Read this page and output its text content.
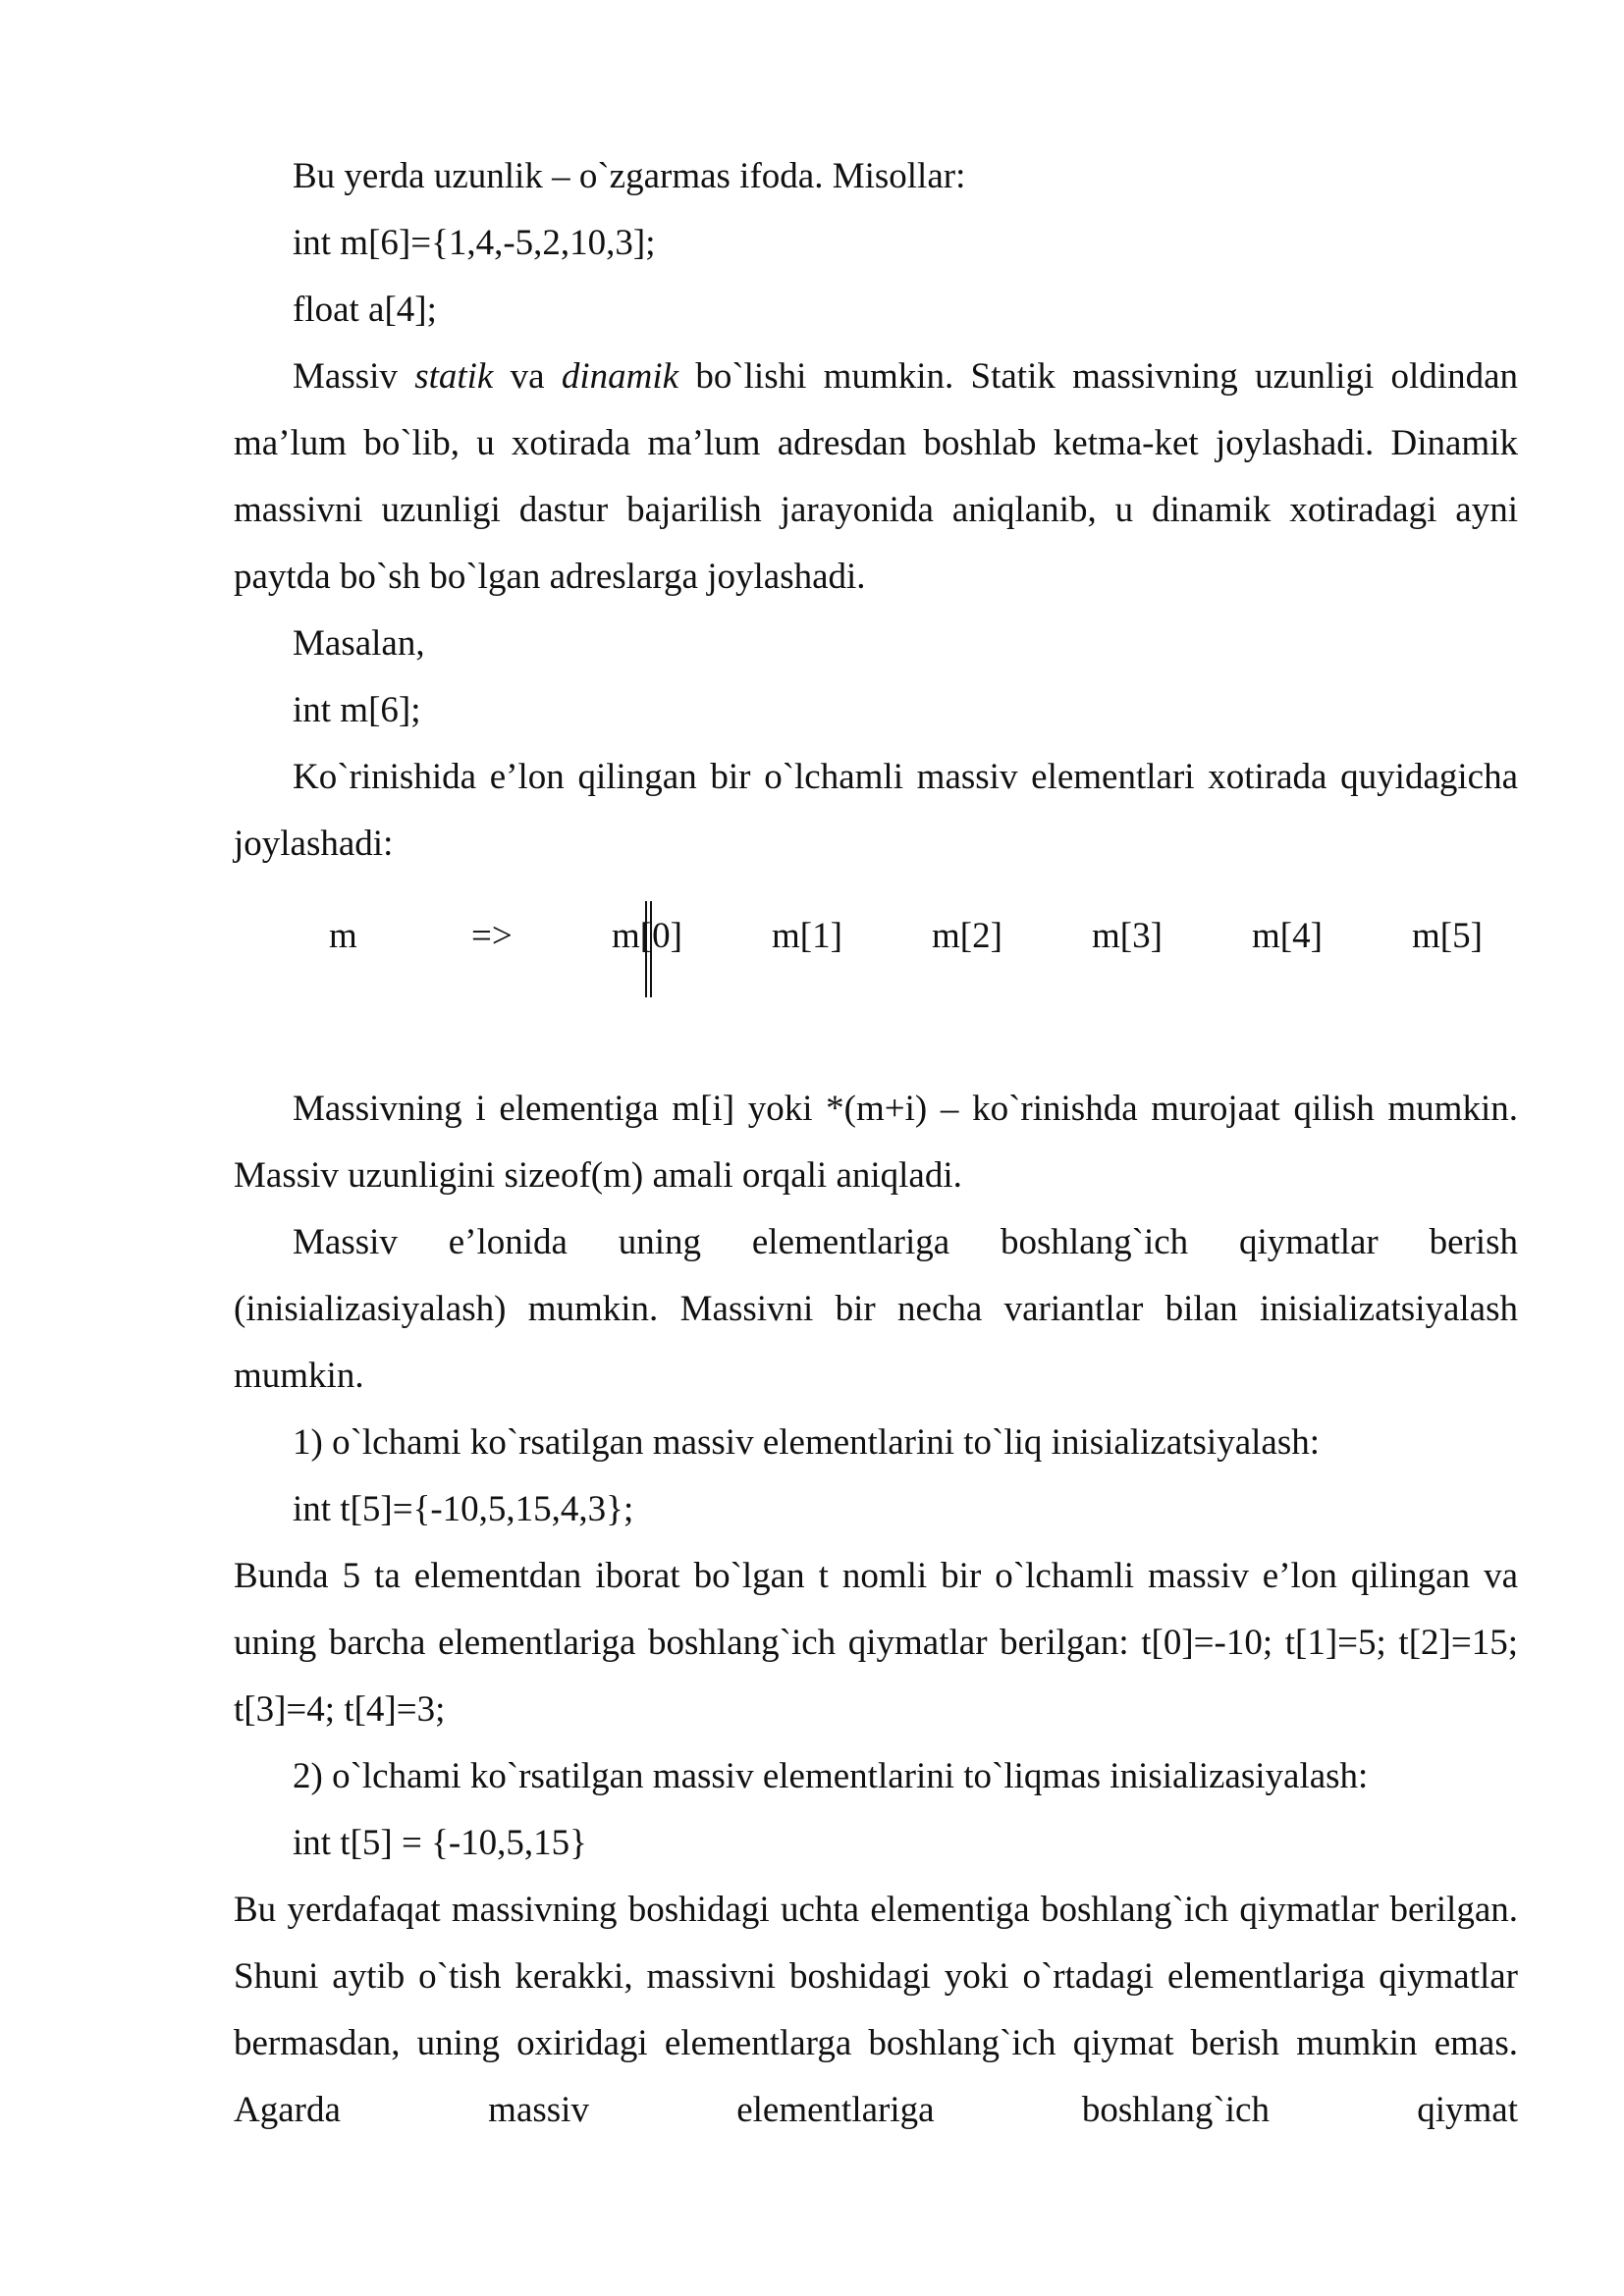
Bu yerda uzunlik – o`zgarmas ifoda. Misollar:

int m[6]={1,4,-5,2,10,3];

float a[4];

Massiv statik va dinamik bo`lishi mumkin. Statik massivning uzunligi oldindan ma’lum bo`lib, u xotirada ma’lum adresdan boshlab ketma-ket joylashadi. Dinamik massivni uzunligi dastur bajarilish jarayonida aniqlanib, u dinamik xotiradagi ayni paytda bo`sh bo`lgan adreslarga joylashadi.

Masalan,

int m[6];

Ko`rinishida e’lon qilingan bir o`lchamli massiv elementlari xotirada quyidagicha joylashadi:

m	=>	m[0] m[1] m[2] m[3] m[4] m[5]

Massivning i elementiga m[i] yoki *(m+i) – ko`rinishda murojaat qilish mumkin. Massiv uzunligini sizeof(m) amali orqali aniqladi.

Massiv e’lonida uning elementlariga boshlang`ich qiymatlar berish (inisializasiyalash) mumkin. Massivni bir necha variantlar bilan inisializatsiyalash mumkin.

1) o`lchami ko`rsatilgan massiv elementlarini to`liq inisializatsiyalash:

int t[5]={-10,5,15,4,3};

Bunda 5 ta elementdan iborat bo`lgan t nomli bir o`lchamli massiv e’lon qilingan va uning barcha elementlariga boshlang`ich qiymatlar berilgan: t[0]=-10; t[1]=5; t[2]=15; t[3]=4; t[4]=3;

2) o`lchami ko`rsatilgan massiv elementlarini to`liqmas inisializasiyalash:

int t[5] = {-10,5,15}

Bu yerdafaqat massivning boshidagi uchta elementiga boshlang`ich qiymatlar berilgan. Shuni aytib o`tish kerakki, massivni boshidagi yoki o`rtadagi elementlariga qiymatlar bermasdan, uning oxiridagi elementlarga boshlang`ich qiymat berish mumkin emas. Agarda massiv elementlariga boshlang`ich qiymat
